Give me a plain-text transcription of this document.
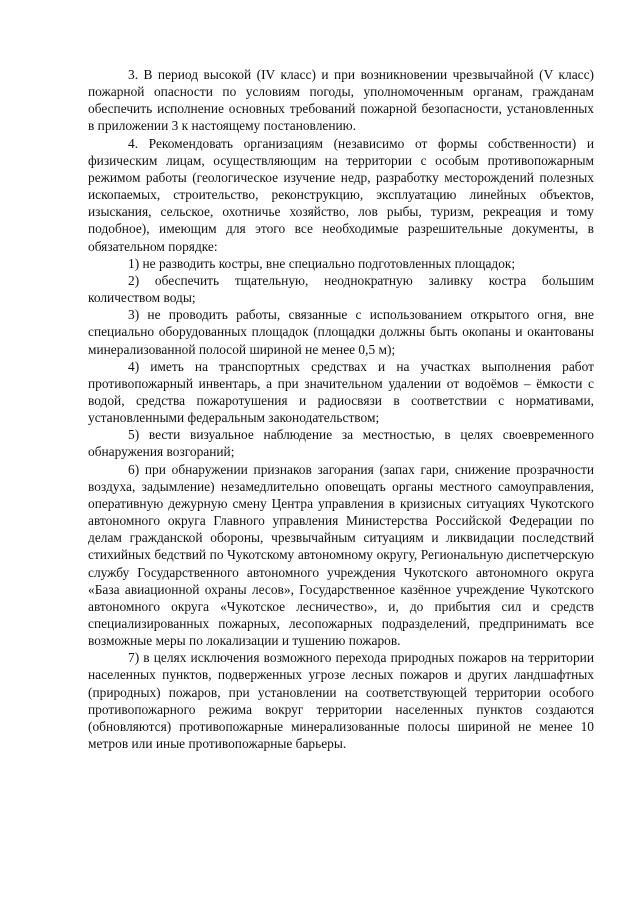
3. В период высокой (IV класс) и при возникновении чрезвычайной (V класс) пожарной опасности по условиям погоды, уполномоченным органам, гражданам обеспечить исполнение основных требований пожарной безопасности, установленных в приложении 3 к настоящему постановлению.

4. Рекомендовать организациям (независимо от формы собственности) и физическим лицам, осуществляющим на территории с особым противопожарным режимом работы (геологическое изучение недр, разработку месторождений полезных ископаемых, строительство, реконструкцию, эксплуатацию линейных объектов, изыскания, сельское, охотничье хозяйство, лов рыбы, туризм, рекреация и тому подобное), имеющим для этого все необходимые разрешительные документы, в обязательном порядке:

1) не разводить костры, вне специально подготовленных площадок;

2) обеспечить тщательную, неоднократную заливку костра большим количеством воды;

3) не проводить работы, связанные с использованием открытого огня, вне специально оборудованных площадок (площадки должны быть окопаны и окантованы минерализованной полосой шириной не менее 0,5 м);

4) иметь на транспортных средствах и на участках выполнения работ противопожарный инвентарь, а при значительном удалении от водоёмов – ёмкости с водой, средства пожаротушения и радиосвязи в соответствии с нормативами, установленными федеральным законодательством;

5) вести визуальное наблюдение за местностью, в целях своевременного обнаружения возгораний;

6) при обнаружении признаков загорания (запах гари, снижение прозрачности воздуха, задымление) незамедлительно оповещать органы местного самоуправления, оперативную дежурную смену Центра управления в кризисных ситуациях Чукотского автономного округа Главного управления Министерства Российской Федерации по делам гражданской обороны, чрезвычайным ситуациям и ликвидации последствий стихийных бедствий по Чукотскому автономному округу, Региональную диспетчерскую службу Государственного автономного учреждения Чукотского автономного округа «База авиационной охраны лесов», Государственное казённое учреждение Чукотского автономного округа «Чукотское лесничество», и, до прибытия сил и средств специализированных пожарных, лесопожарных подразделений, предпринимать все возможные меры по локализации и тушению пожаров.

7) в целях исключения возможного перехода природных пожаров на территории населенных пунктов, подверженных угрозе лесных пожаров и других ландшафтных (природных) пожаров, при установлении на соответствующей территории особого противопожарного режима вокруг территории населенных пунктов создаются (обновляются) противопожарные минерализованные полосы шириной не менее 10 метров или иные противопожарные барьеры.
